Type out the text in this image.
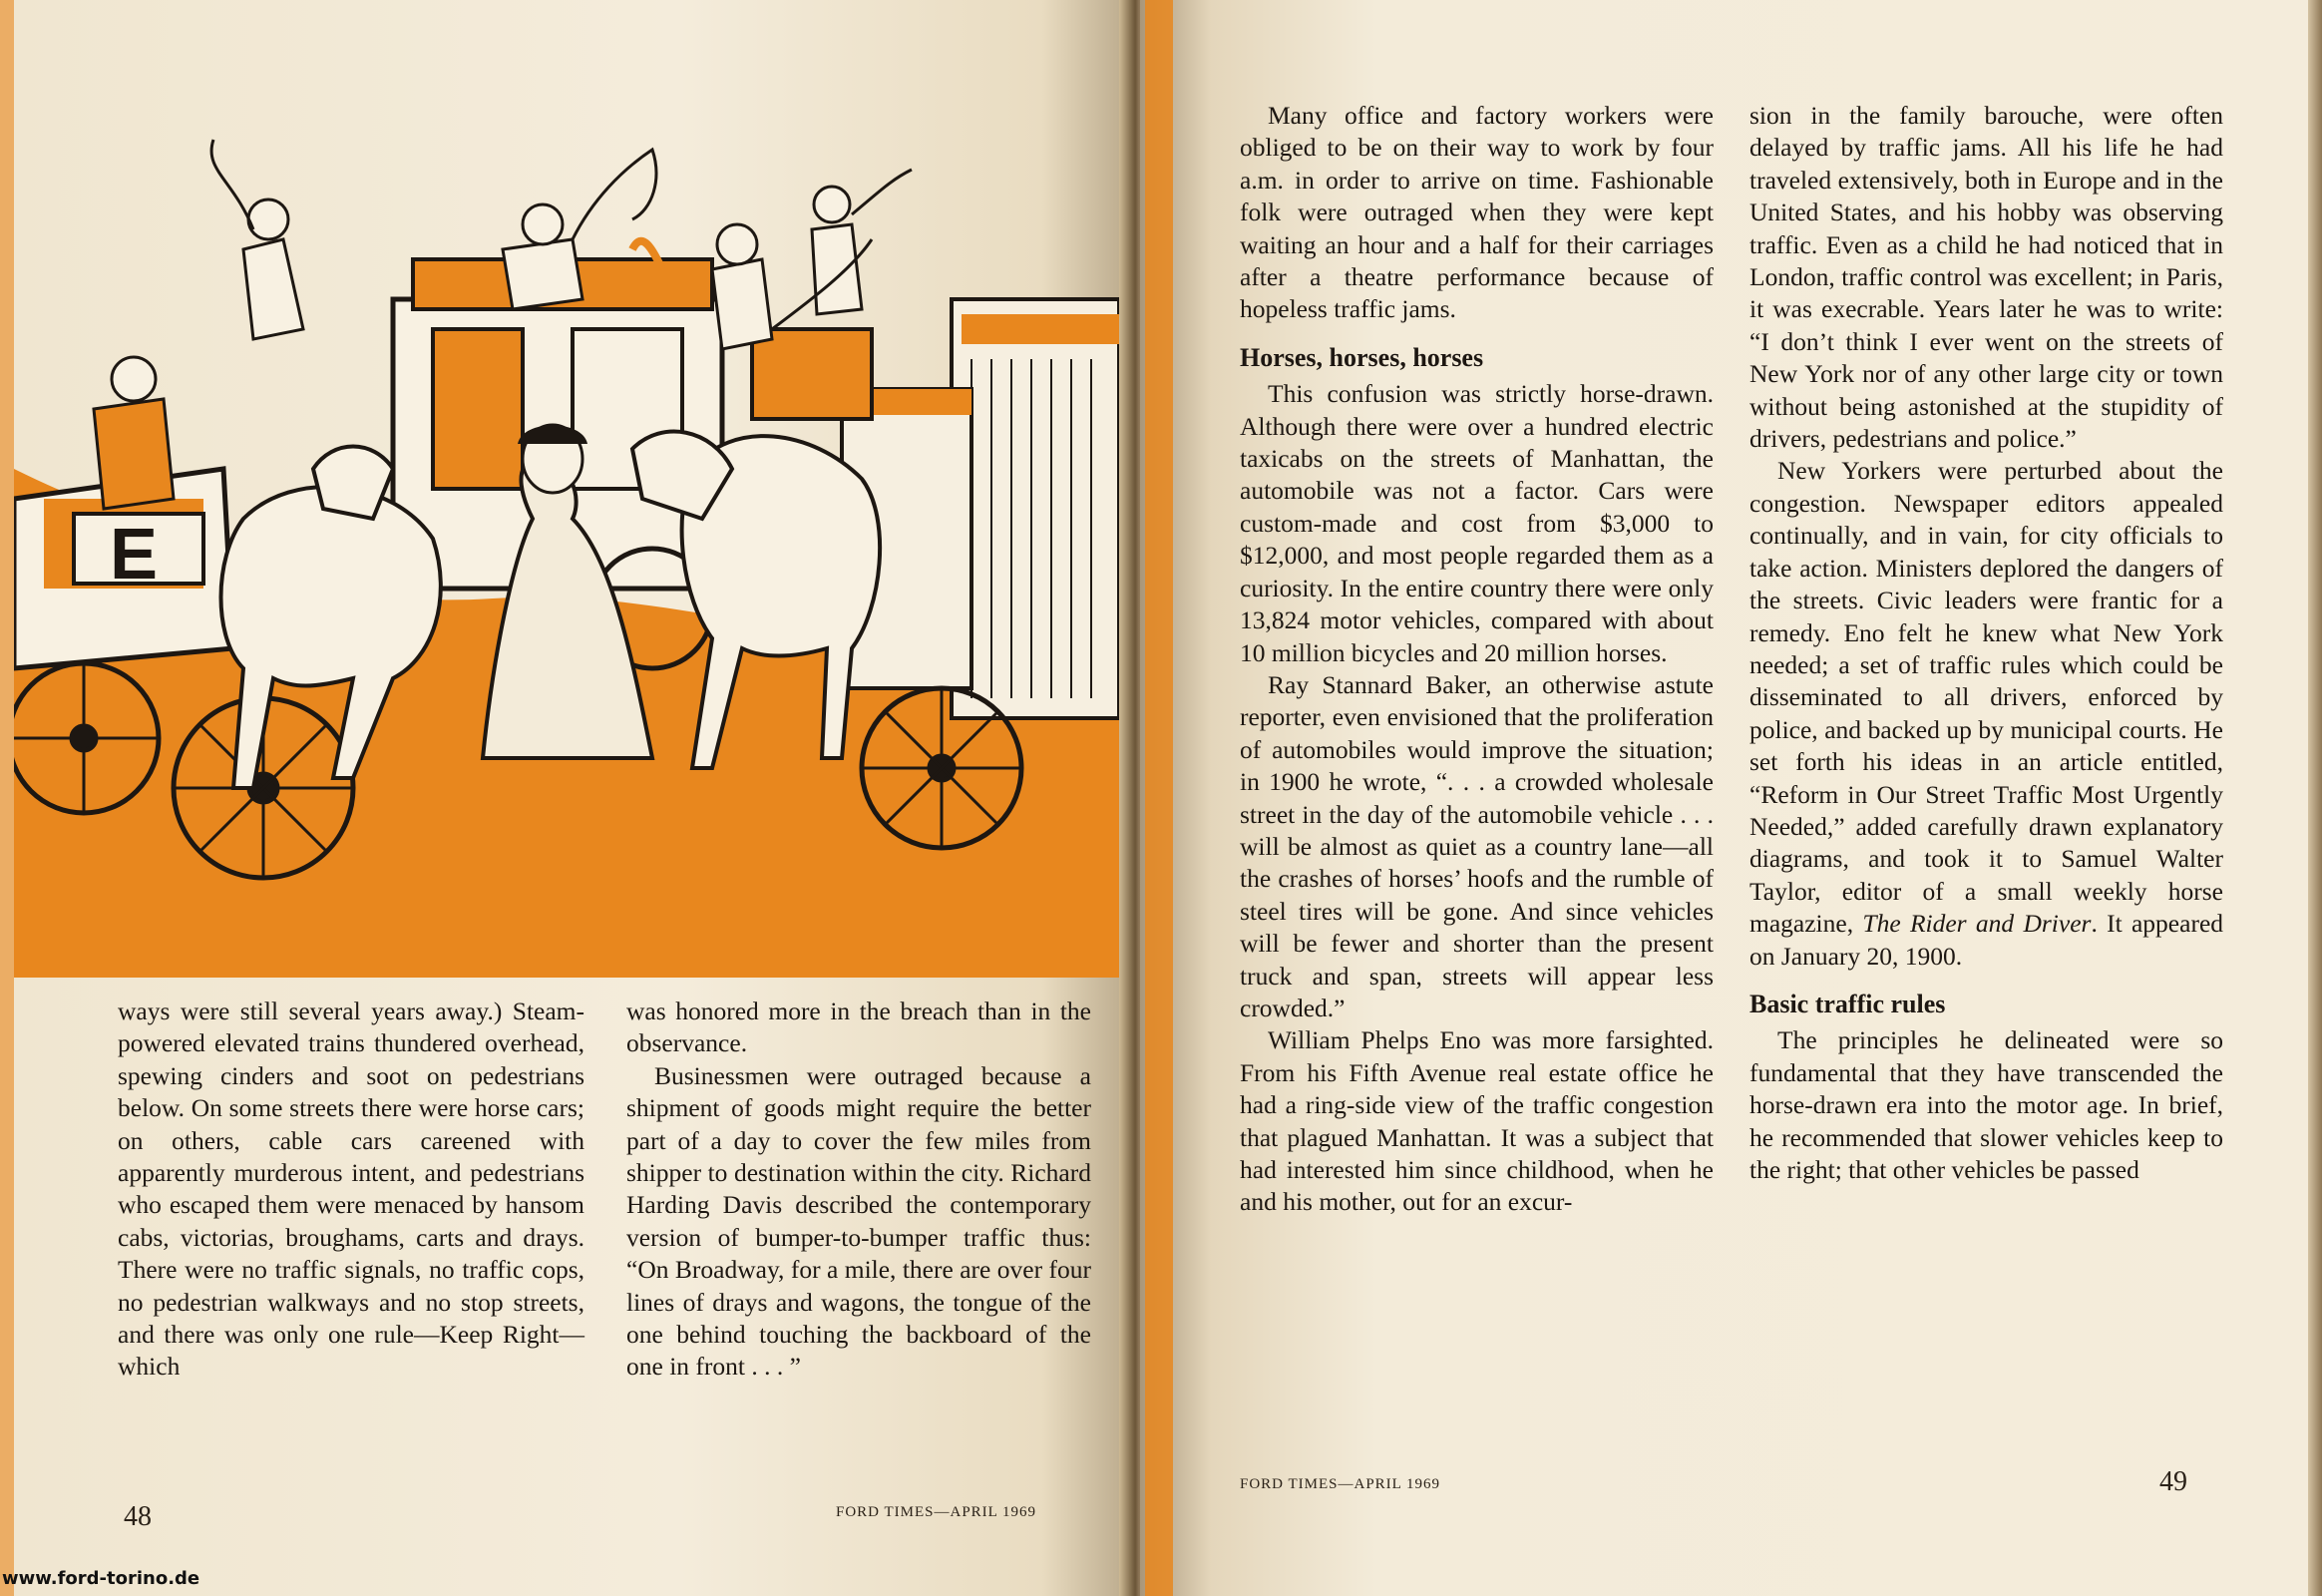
E

ways were still several years away.) Steam-powered elevated trains thundered overhead, spewing cinders and soot on pedestrians below. On some streets there were horse cars; on others, cable cars careened with apparently murderous intent, and pedestrians who escaped them were menaced by hansom cabs, victorias, broughams, carts and drays. There were no traffic signals, no traffic cops, no pedestrian walkways and no stop streets, and there was only one rule—Keep Right—which

was honored more in the breach than in the observance.

Businessmen were outraged because a shipment of goods might require the better part of a day to cover the few miles from shipper to destination within the city. Richard Harding Davis described the contemporary version of bumper-to-bumper traffic thus: “On Broadway, for a mile, there are over four lines of drays and wagons, the tongue of the one behind touching the backboard of the one in front . . . ”

48	FORD TIMES—APRIL 1969

Many office and factory workers were obliged to be on their way to work by four a.m. in order to arrive on time. Fashionable folk were outraged when they were kept waiting an hour and a half for their carriages after a theatre performance because of hopeless traffic jams.

Horses, horses, horses

This confusion was strictly horse-drawn. Although there were over a hundred electric taxicabs on the streets of Manhattan, the automobile was not a factor. Cars were custom-made and cost from $3,000 to $12,000, and most people regarded them as a curiosity. In the entire country there were only 13,824 motor vehicles, compared with about 10 million bicycles and 20 million horses.

Ray Stannard Baker, an otherwise astute reporter, even envisioned that the proliferation of automobiles would improve the situation; in 1900 he wrote, “. . . a crowded wholesale street in the day of the automobile vehicle . . . will be almost as quiet as a country lane—all the crashes of horses’ hoofs and the rumble of steel tires will be gone. And since vehicles will be fewer and shorter than the present truck and span, streets will appear less crowded.”

William Phelps Eno was more farsighted. From his Fifth Avenue real estate office he had a ring-side view of the traffic congestion that plagued Manhattan. It was a subject that had interested him since childhood, when he and his mother, out for an excur-

sion in the family barouche, were often delayed by traffic jams. All his life he had traveled extensively, both in Europe and in the United States, and his hobby was observing traffic. Even as a child he had noticed that in London, traffic control was excellent; in Paris, it was execrable. Years later he was to write: “I don’t think I ever went on the streets of New York nor of any other large city or town without being astonished at the stupidity of drivers, pedestrians and police.”

New Yorkers were perturbed about the congestion. Newspaper editors appealed continually, and in vain, for city officials to take action. Ministers deplored the dangers of the streets. Civic leaders were frantic for a remedy. Eno felt he knew what New York needed; a set of traffic rules which could be disseminated to all drivers, enforced by police, and backed up by municipal courts. He set forth his ideas in an article entitled, “Reform in Our Street Traffic Most Urgently Needed,” added carefully drawn explanatory diagrams, and took it to Samuel Walter Taylor, editor of a small weekly horse magazine, The Rider and Driver. It appeared on January 20, 1900.

Basic traffic rules

The principles he delineated were so fundamental that they have transcended the horse-drawn era into the motor age. In brief, he recommended that slower vehicles keep to the right; that other vehicles be passed

FORD TIMES—APRIL 1969	49
www.ford-torino.de
